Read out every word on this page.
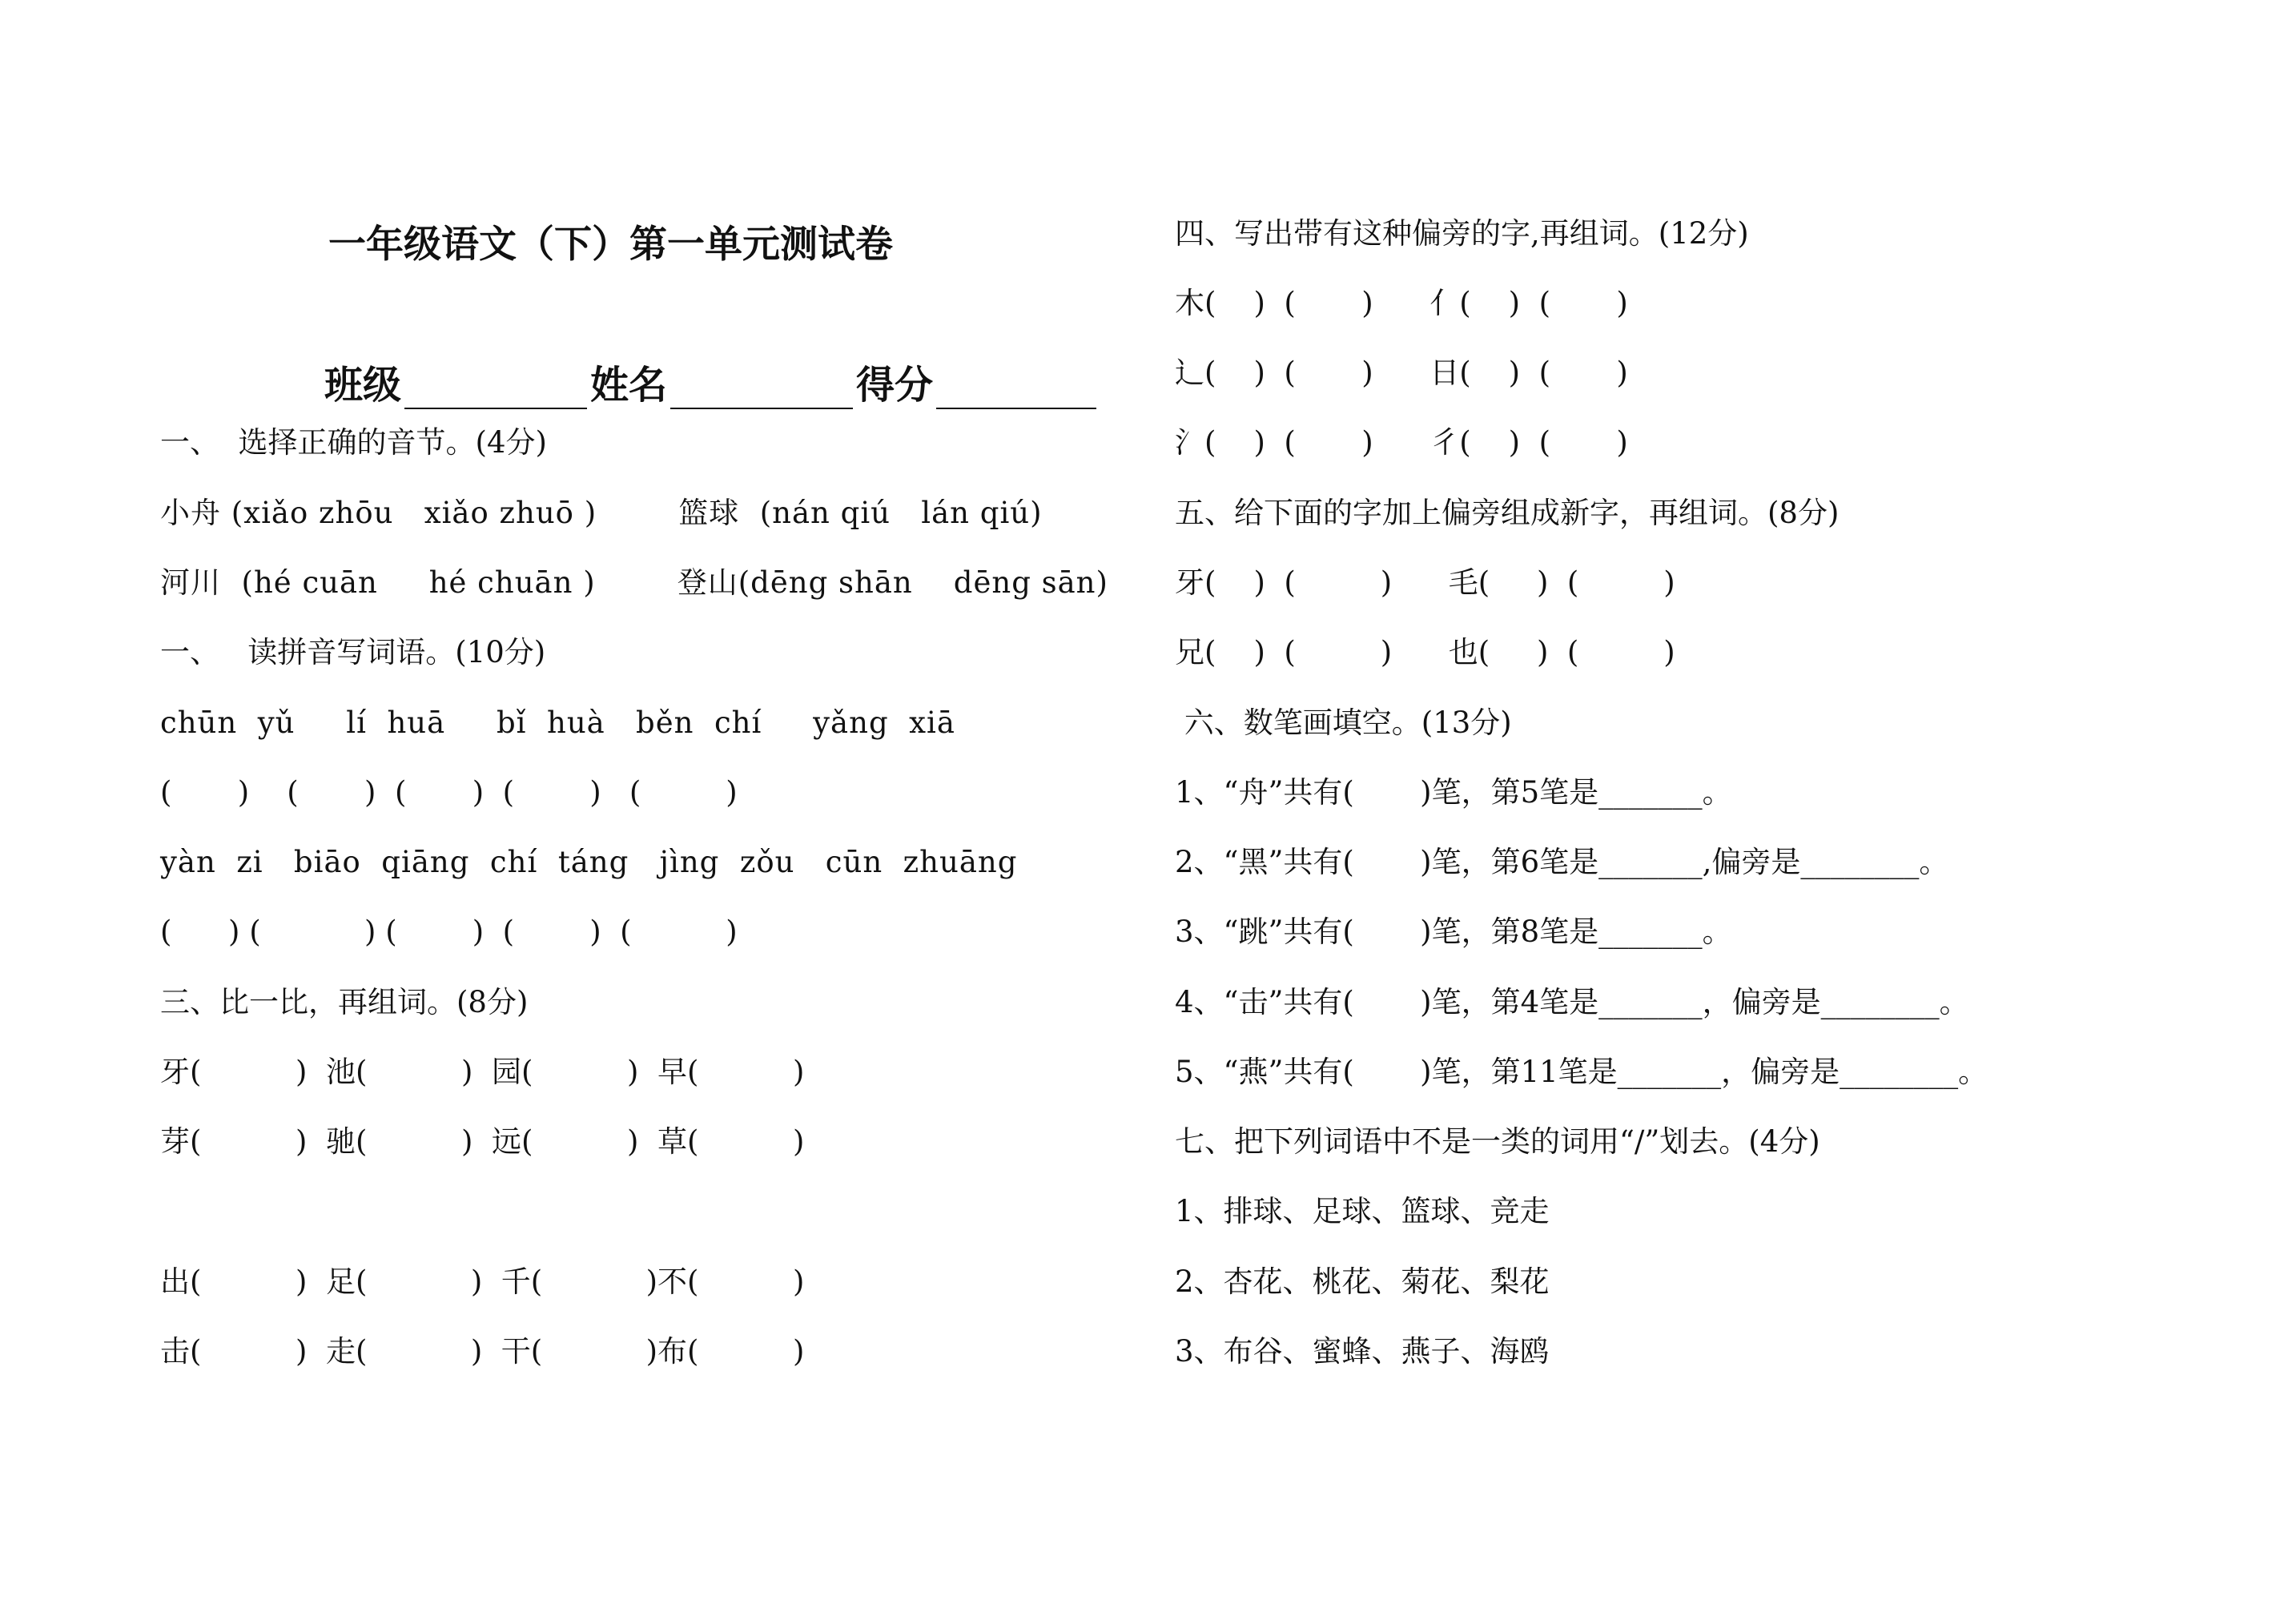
一年级语文（下）第一单元测试卷
班级	姓名	得分
一、  选择正确的音节。(4分)
小舟 (xiǎo zhōu   xiǎo zhuō )        篮球  (nán qiú   lán qiú)
河川  (hé cuān     hé chuān )        登山(dēng shān    dēng sān)
一、   读拼音写词语。(10分)
chūn  yǔ     lí  huā     bǐ  huà   běn  chí     yǎng  xiā
(       )    (       )  (       )  (        )   (         )
yàn  zi   biāo  qiāng  chí  táng   jìng  zǒu   cūn  zhuāng
(      ) (           ) (        )  (        )  (          )
三、比一比，再组词。(8分)
牙(          )  池(          )  园(          )  早(          )
芽(          )  驰(          )  远(          )  草(          )
出(          )  足(           )  千(           )不(          )
击(          )  走(           )  干(           )布(          )
四、写出带有这种偏旁的字,再组词。(12分)
木(    )  (       )      亻(    )  (       )
辶(    )  (       )      日(    )  (       )
氵(    )  (       )      彳(    )  (       )
五、给下面的字加上偏旁组成新字，再组词。(8分)
牙(    )  (         )      毛(     )  (         )
兄(    )  (         )      也(     )  (         )
六、数笔画填空。(13分)
1、“舟”共有(       )笔，第5笔是_______。
2、“黑”共有(       )笔，第6笔是_______,偏旁是________。
3、“跳”共有(       )笔，第8笔是_______。
4、“击”共有(       )笔，第4笔是_______，偏旁是________。
5、“燕”共有(       )笔，第11笔是_______，偏旁是________。
七、把下列词语中不是一类的词用“/”划去。(4分)
1、排球、足球、篮球、竞走
2、杏花、桃花、菊花、梨花
3、布谷、蜜蜂、燕子、海鸥
